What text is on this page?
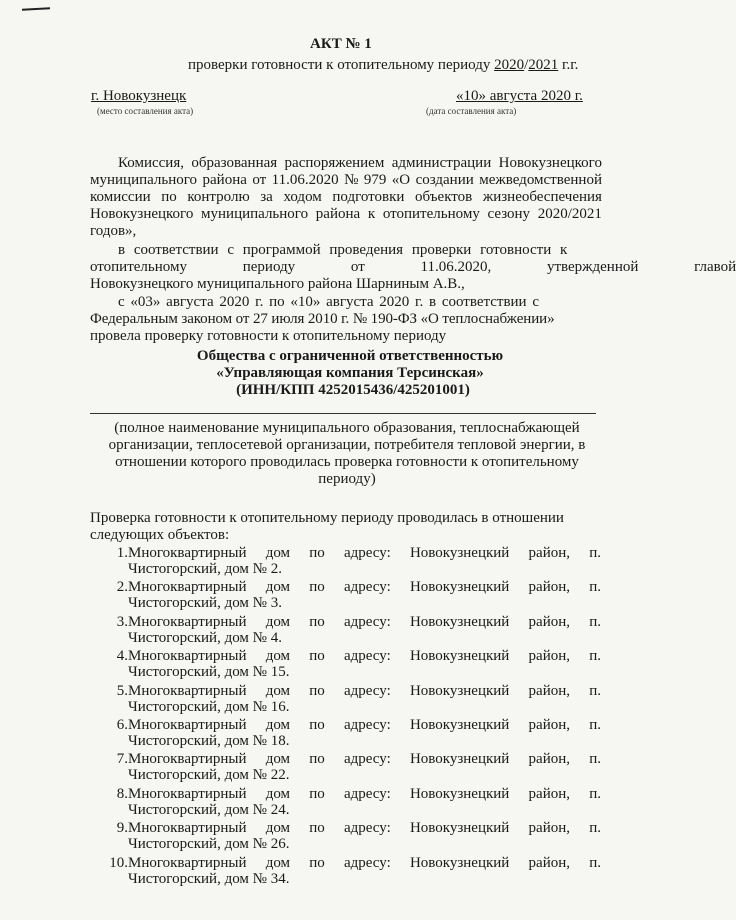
АКТ № 1
проверки готовности к отопительному периоду 2020/2021 г.г.
г. Новокузнецк
(место составления акта)
«10» августа 2020 г.
(дата составления акта)
Комиссия, образованная распоряжением администрации Новокузнецкого
муниципального района от 11.06.2020 № 979 «О создании межведомственной
комиссии по контролю за ходом подготовки объектов жизнеобеспечения
Новокузнецкого муниципального района к отопительному сезону 2020/2021
годов»,
в соответствии с программой проведения проверки готовности к
отопительному периоду от 11.06.2020, утвержденной главой
Новокузнецкого муниципального района Шарниным А.В.,
с «03» августа 2020 г. по «10» августа 2020 г. в соответствии с
Федеральным законом от 27 июля 2010 г. № 190-ФЗ «О теплоснабжении»
провела проверку готовности к отопительному периоду
Общества с ограниченной ответственностью
«Управляющая компания Терсинская»
(ИНН/КПП 4252015436/425201001)
(полное наименование муниципального образования, теплоснабжающей
организации, теплосетевой организации, потребителя тепловой энергии, в
отношении которого проводилась проверка готовности к отопительному
периоду)
Проверка готовности к отопительному периоду проводилась в отношении
следующих объектов:
1. Многоквартирный дом по адресу: Новокузнецкий район, п.
Чистогорский, дом № 2.
2. Многоквартирный дом по адресу: Новокузнецкий район, п.
Чистогорский, дом № 3.
3. Многоквартирный дом по адресу: Новокузнецкий район, п.
Чистогорский, дом № 4.
4. Многоквартирный дом по адресу: Новокузнецкий район, п.
Чистогорский, дом № 15.
5. Многоквартирный дом по адресу: Новокузнецкий район, п.
Чистогорский, дом № 16.
6. Многоквартирный дом по адресу: Новокузнецкий район, п.
Чистогорский, дом № 18.
7. Многоквартирный дом по адресу: Новокузнецкий район, п.
Чистогорский, дом № 22.
8. Многоквартирный дом по адресу: Новокузнецкий район, п.
Чистогорский, дом № 24.
9. Многоквартирный дом по адресу: Новокузнецкий район, п.
Чистогорский, дом № 26.
10. Многоквартирный дом по адресу: Новокузнецкий район, п.
Чистогорский, дом № 34.
